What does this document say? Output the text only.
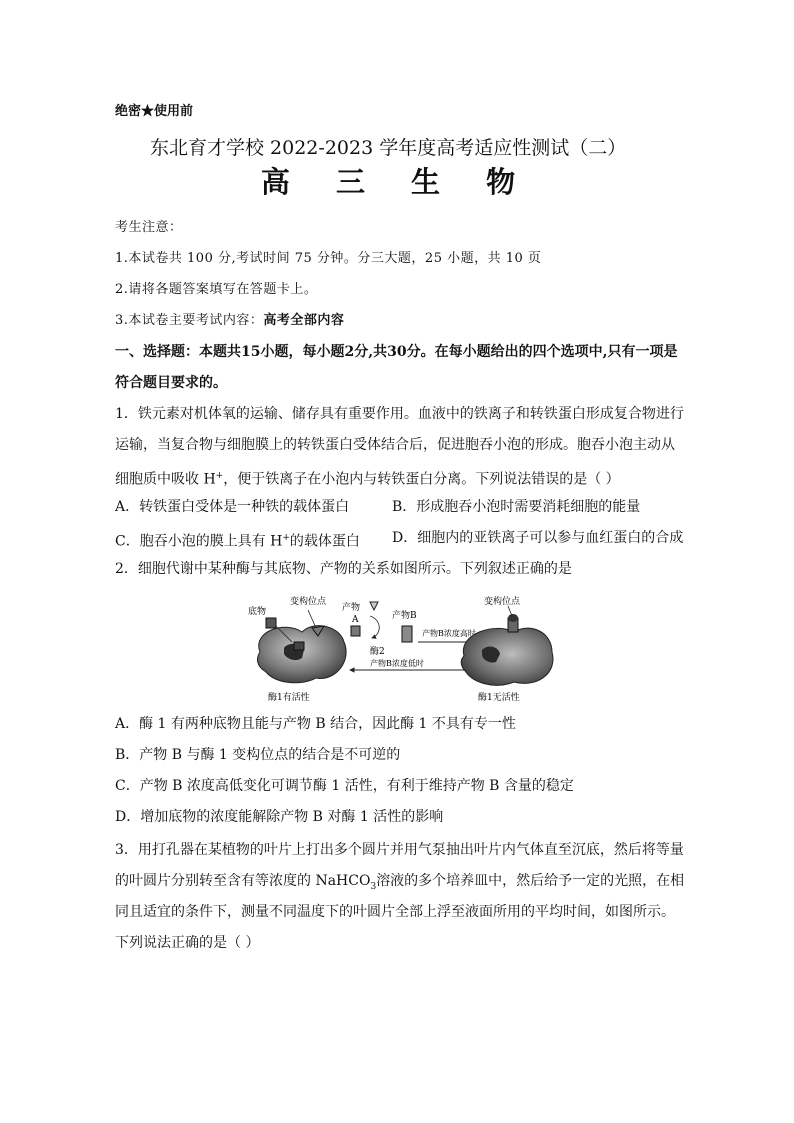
绝密★使用前
东北育才学校 2022-2023 学年度高考适应性测试（二）
高 三 生 物
考生注意：
1.本试卷共 100 分,考试时间 75 分钟。分三大题，25 小题，共 10 页
2.请将各题答案填写在答题卡上。
3.本试卷主要考试内容：高考全部内容
一、选择题：本题共15小题，每小题2分,共30分。在每小题给出的四个选项中,只有一项是
符合题目要求的。
1．铁元素对机体氧的运输、储存具有重要作用。血液中的铁离子和转铁蛋白形成复合物进行
运输，当复合物与细胞膜上的转铁蛋白受体结合后，促进胞吞小泡的形成。胞吞小泡主动从
细胞质中吸收 H+，便于铁离子在小泡内与转铁蛋白分离。下列说法错误的是（ ）
A．转铁蛋白受体是一种铁的载体蛋白	B．形成胞吞小泡时需要消耗细胞的能量
C．胞吞小泡的膜上具有 H+的载体蛋白 D．细胞内的亚铁离子可以参与血红蛋白的合成
2．细胞代谢中某种酶与其底物、产物的关系如图所示。下列叙述正确的是
底物
变构位点
产物
A
酶2
产物B
产物B浓度高时
产物B浓度低时
变构位点
酶1有活性	酶1无活性
A．酶 1 有两种底物且能与产物 B 结合，因此酶 1 不具有专一性
B．产物 B 与酶 1 变构位点的结合是不可逆的
C．产物 B 浓度高低变化可调节酶 1 活性，有利于维持产物 B 含量的稳定
D．增加底物的浓度能解除产物 B 对酶 1 活性的影响
3．用打孔器在某植物的叶片上打出多个圆片并用气泵抽出叶片内气体直至沉底，然后将等量
的叶圆片分别转至含有等浓度的 NaHCO$_3$溶液的多个培养皿中，然后给予一定的光照，在相
同且适宜的条件下，测量不同温度下的叶圆片全部上浮至液面所用的平均时间，如图所示。
下列说法正确的是（ ）
